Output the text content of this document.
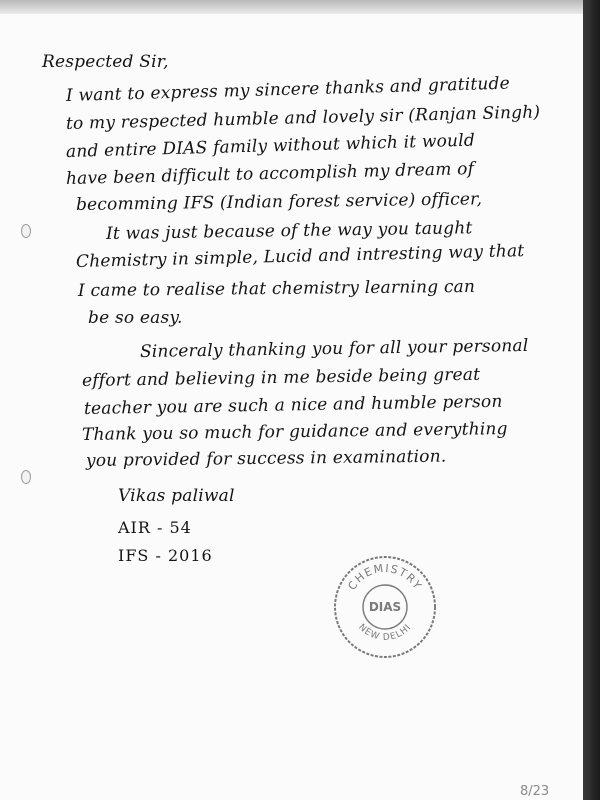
Respected Sir,
I want to express my sincere thanks and gratitude
to my respected humble and lovely sir (Ranjan Singh)
and entire DIAS family without which it would
have been difficult to accomplish my dream of
becomming IFS (Indian forest service) officer,
It was just because of the way you taught
Chemistry in simple, Lucid and intresting way that
I came to realise that chemistry learning can
be so easy.
Sinceraly thanking you for all your personal
effort and believing in me beside being great
teacher you are such a nice and humble person
Thank you so much for guidance and everything
you provided for success in examination.
Vikas paliwal
AIR - 54
IFS - 2016
CHEMISTRY
DIAS
NEW DELHI
8/23
